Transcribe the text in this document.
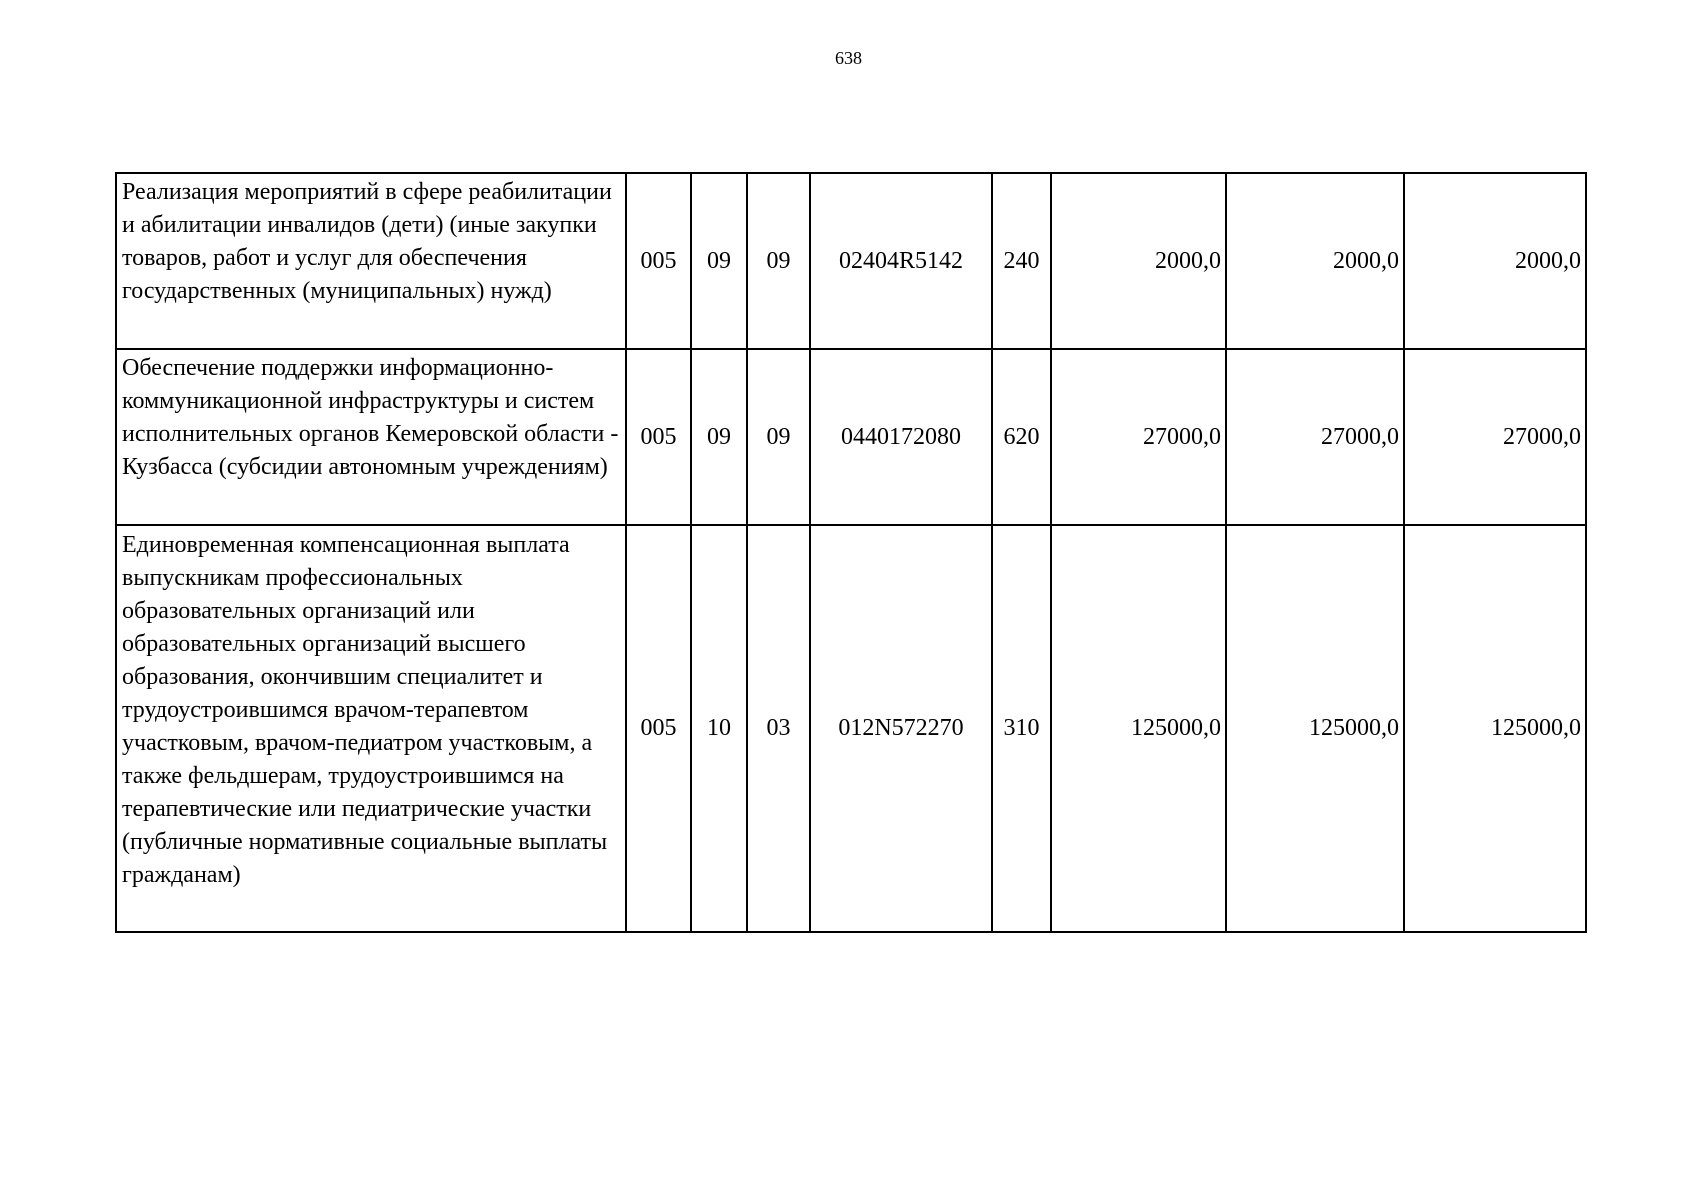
638
Реализация мероприятий в сфере реабилитации и абилитации инвалидов (дети) (иные закупки товаров, работ и услуг для обеспечения государственных (муниципальных) нужд)	005	09	09	02404R5142	240	2000,0	2000,0	2000,0
Обеспечение поддержки информационно-коммуникационной инфраструктуры и систем исполнительных органов Кемеровской области - Кузбасса (субсидии автономным учреждениям)	005	09	09	0440172080	620	27000,0	27000,0	27000,0
Единовременная компенсационная выплата выпускникам профессиональных образовательных организаций или образовательных организаций высшего образования, окончившим специалитет и трудоустроившимся врачом-терапевтом участковым, врачом-педиатром участковым, а также фельдшерам, трудоустроившимся на терапевтические или педиатрические участки (публичные нормативные социальные выплаты гражданам)	005	10	03	012N572270	310	125000,0	125000,0	125000,0
